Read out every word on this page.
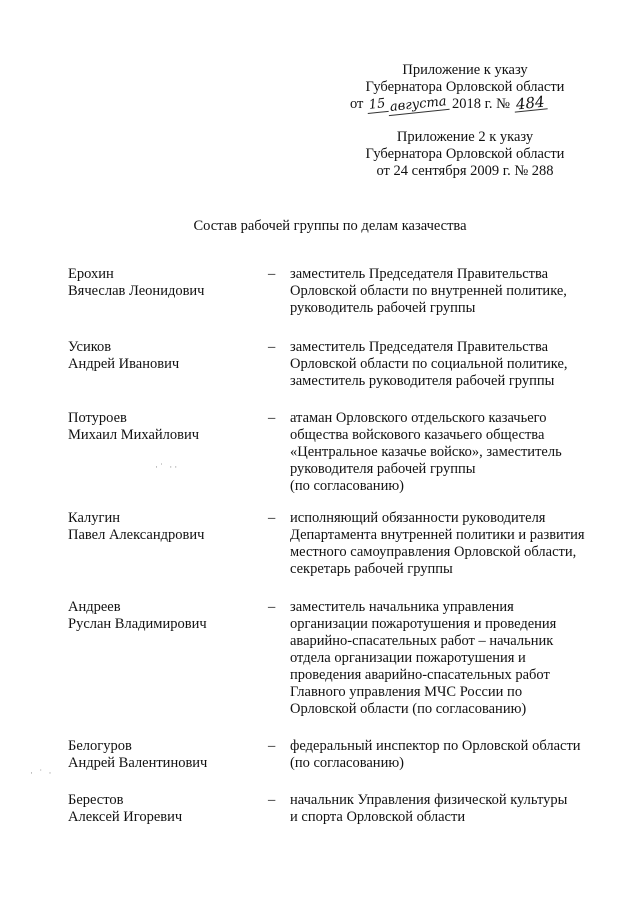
Приложение к указу
Губернатора Орловской области
от 15 августа 2018 г. № 484
Приложение 2 к указу
Губернатора Орловской области
от 24 сентября 2009 г. № 288
Состав рабочей группы по делам казачества
Ерохин
Вячеслав Леонидович
– заместитель Председателя Правительства
Орловской области по внутренней политике,
руководитель рабочей группы
Усиков
Андрей Иванович
– заместитель Председателя Правительства
Орловской области по социальной политике,
заместитель руководителя рабочей группы
Потуроев
Михаил Михайлович
– атаман Орловского отдельского казачьего
общества войскового казачьего общества
«Центральное казачье войско», заместитель
руководителя рабочей группы
(по согласованию)
Калугин
Павел Александрович
– исполняющий обязанности руководителя
Департамента внутренней политики и развития
местного самоуправления Орловской области,
секретарь рабочей группы
Андреев
Руслан Владимирович
– заместитель начальника управления
организации пожаротушения и проведения
аварийно-спасательных работ – начальник
отдела организации пожаротушения и
проведения аварийно-спасательных работ
Главного управления МЧС России по
Орловской области (по согласованию)
Белогуров
Андрей Валентинович
– федеральный инспектор по Орловской области
(по согласованию)
Берестов
Алексей Игоревич
– начальник Управления физической культуры
и спорта Орловской области
·˙ ··
· ˙ ·
